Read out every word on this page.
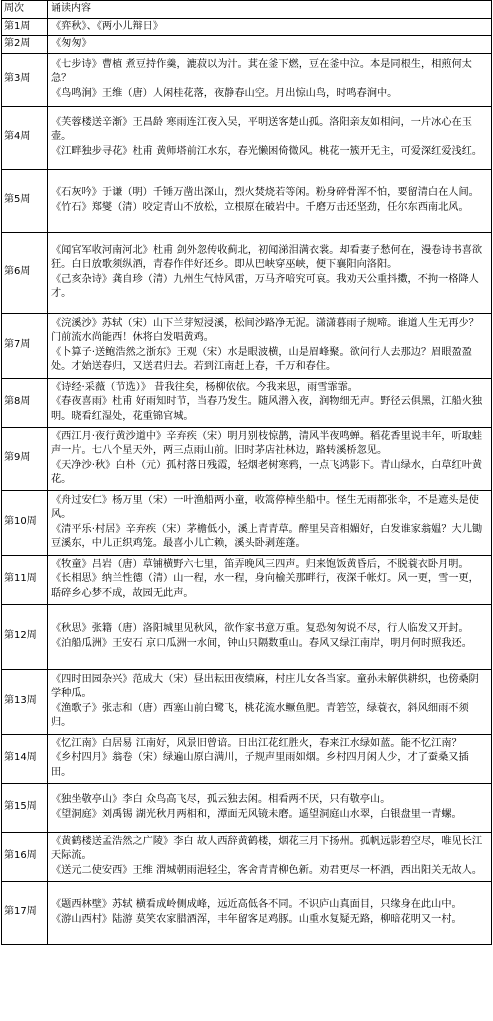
周次	诵读内容
第1周	《弈秋》、《两小儿辩日》

第2周	《匆匆》

第3周	《七步诗》曹植 煮豆持作羹，漉菽以为汁。萁在釜下燃，豆在釜中泣。本是同根生，相煎何太急？
《鸟鸣涧》王维（唐）人闲桂花落，夜静春山空。月出惊山鸟，时鸣春涧中。

第4周	《芙蓉楼送辛渐》王昌龄 寒雨连江夜入吴，平明送客楚山孤。洛阳亲友如相问，一片冰心在玉壶。
《江畔独步寻花》杜甫 黄师塔前江水东，春光懒困倚微风。桃花一簇开无主，可爱深红爱浅红。

第5周	《石灰吟》于谦（明）千锤万凿出深山，烈火焚烧若等闲。粉身碎骨浑不怕，要留清白在人间。
《竹石》郑燮（清）咬定青山不放松，立根原在破岩中。千磨万击还坚劲，任尔东西南北风。

第6周	《闻官军收河南河北》杜甫 剑外忽传收蓟北，初闻涕泪满衣裳。却看妻子愁何在，漫卷诗书喜欲狂。白日放歌须纵酒，青春作伴好还乡。即从巴峡穿巫峡，便下襄阳向洛阳。
《己亥杂诗》龚自珍（清）九州生气恃风雷，万马齐喑究可哀。我劝天公重抖擞，不拘一格降人才。

第7周	《浣溪沙》苏轼（宋）山下兰芽短浸溪，松间沙路净无泥。潇潇暮雨子规啼。谁道人生无再少？门前流水尚能西！休将白发唱黄鸡。
《卜算子·送鲍浩然之浙东》王观（宋）水是眼波横，山是眉峰聚。欲问行人去那边？眉眼盈盈处。才始送春归，又送君归去。若到江南赶上春，千万和春住。

第8周	《诗经·采薇（节选）》 昔我往矣，杨柳依依。今我来思，雨雪霏霏。
《春夜喜雨》杜甫 好雨知时节，当春乃发生。随风潜入夜，润物细无声。野径云俱黑，江船火独明。晓看红湿处，花重锦官城。

第9周	《西江月·夜行黄沙道中》辛弃疾（宋）明月别枝惊鹊，清风半夜鸣蝉。稻花香里说丰年，听取蛙声一片。七八个星天外，两三点雨山前。旧时茅店社林边，路转溪桥忽见。
《天净沙·秋》白朴（元）孤村落日残霞，轻烟老树寒鸦，一点飞鸿影下。青山绿水，白草红叶黄花。

第10周	《舟过安仁》杨万里（宋）一叶渔船两小童，收篙停棹坐船中。怪生无雨都张伞，不是遮头是使风。
《清平乐·村居》辛弃疾（宋）茅檐低小，溪上青青草。醉里吴音相媚好，白发谁家翁媪？大儿锄豆溪东，中儿正织鸡笼。最喜小儿亡赖，溪头卧剥莲蓬。

第11周	《牧童》吕岩（唐）草铺横野六七里，笛弄晚风三四声。归来饱饭黄昏后，不脱蓑衣卧月明。
《长相思》纳兰性德（清）山一程，水一程，身向榆关那畔行，夜深千帐灯。风一更，雪一更，聒碎乡心梦不成，故园无此声。

第12周	《秋思》张籍（唐）洛阳城里见秋风，欲作家书意万重。复恐匆匆说不尽，行人临发又开封。
《泊船瓜洲》王安石 京口瓜洲一水间，钟山只隔数重山。春风又绿江南岸，明月何时照我还。

第13周	《四时田园杂兴》范成大（宋）昼出耘田夜绩麻，村庄儿女各当家。童孙未解供耕织，也傍桑阴学种瓜。
《渔歌子》张志和（唐）西塞山前白鹭飞，桃花流水鳜鱼肥。青箬笠，绿蓑衣，斜风细雨不须归。

第14周	《忆江南》白居易 江南好，风景旧曾谙。日出江花红胜火，春来江水绿如蓝。能不忆江南？
《乡村四月》翁卷（宋）绿遍山原白满川，子规声里雨如烟。乡村四月闲人少，才了蚕桑又插田。

第15周	《独坐敬亭山》李白 众鸟高飞尽，孤云独去闲。相看两不厌，只有敬亭山。
《望洞庭》刘禹锡 湖光秋月两相和，潭面无风镜未磨。遥望洞庭山水翠，白银盘里一青螺。

第16周	《黄鹤楼送孟浩然之广陵》李白 故人西辞黄鹤楼，烟花三月下扬州。孤帆远影碧空尽，唯见长江天际流。
《送元二使安西》王维 渭城朝雨浥轻尘，客舍青青柳色新。劝君更尽一杯酒，西出阳关无故人。

第17周	《题西林壁》苏轼 横看成岭侧成峰，远近高低各不同。不识庐山真面目，只缘身在此山中。
《游山西村》陆游 莫笑农家腊酒浑，丰年留客足鸡豚。山重水复疑无路，柳暗花明又一村。
